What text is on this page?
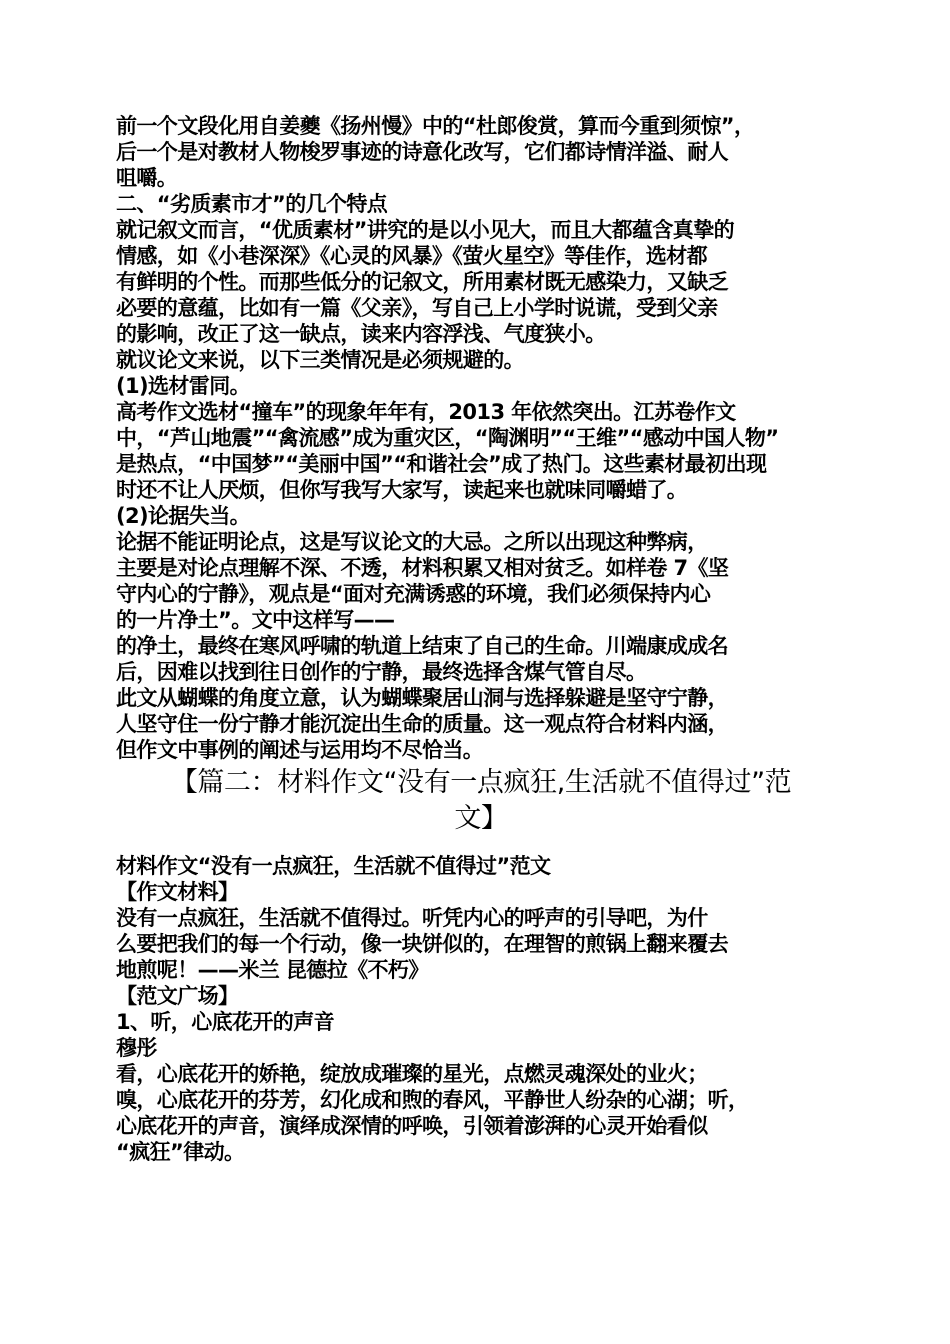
前一个文段化用自姜夔《扬州慢》中的“杜郎俊赏，算而今重到须惊”，
后一个是对教材人物梭罗事迹的诗意化改写，它们都诗情洋溢、耐人
咀嚼。
二、“劣质素市才”的几个特点
就记叙文而言，“优质素材”讲究的是以小见大，而且大都蕴含真挚的
情感，如《小巷深深》《心灵的风暴》《萤火星空》等佳作，选材都
有鲜明的个性。而那些低分的记叙文，所用素材既无感染力，又缺乏
必要的意蕴，比如有一篇《父亲》，写自己上小学时说谎，受到父亲
的影响，改正了这一缺点，读来内容浮浅、气度狭小。
就议论文来说，以下三类情况是必须规避的。
(1)选材雷同。
高考作文选材“撞车”的现象年年有，2013 年依然突出。江苏卷作文
中，“芦山地震”“禽流感”成为重灾区，“陶渊明”“王维”“感动中国人物”
是热点，“中国梦”“美丽中国”“和谐社会”成了热门。这些素材最初出现
时还不让人厌烦，但你写我写大家写，读起来也就味同嚼蜡了。
(2)论据失当。
论据不能证明论点，这是写议论文的大忌。之所以出现这种弊病，
主要是对论点理解不深、不透，材料积累又相对贫乏。如样卷 7《坚
守内心的宁静》，观点是“面对充满诱惑的环境，我们必须保持内心
的一片净土”。文中这样写——
的净土，最终在寒风呼啸的轨道上结束了自己的生命。川端康成成名
后，因难以找到往日创作的宁静，最终选择含煤气管自尽。
此文从蝴蝶的角度立意，认为蝴蝶聚居山洞与选择躲避是坚守宁静，
人坚守住一份宁静才能沉淀出生命的质量。这一观点符合材料内涵，
但作文中事例的阐述与运用均不尽恰当。
【篇二：材料作文“没有一点疯狂,生活就不值得过”范
文】
材料作文“没有一点疯狂，生活就不值得过”范文
【作文材料】
没有一点疯狂，生活就不值得过。听凭内心的呼声的引导吧，为什
么要把我们的每一个行动，像一块饼似的，在理智的煎锅上翻来覆去
地煎呢！——米兰 昆德拉《不朽》
【范文广场】
1、听，心底花开的声音
穆彤
看，心底花开的娇艳，绽放成璀璨的星光，点燃灵魂深处的业火；
嗅，心底花开的芬芳，幻化成和煦的春风，平静世人纷杂的心湖；听，
心底花开的声音，演绎成深情的呼唤，引领着澎湃的心灵开始看似
“疯狂”律动。
